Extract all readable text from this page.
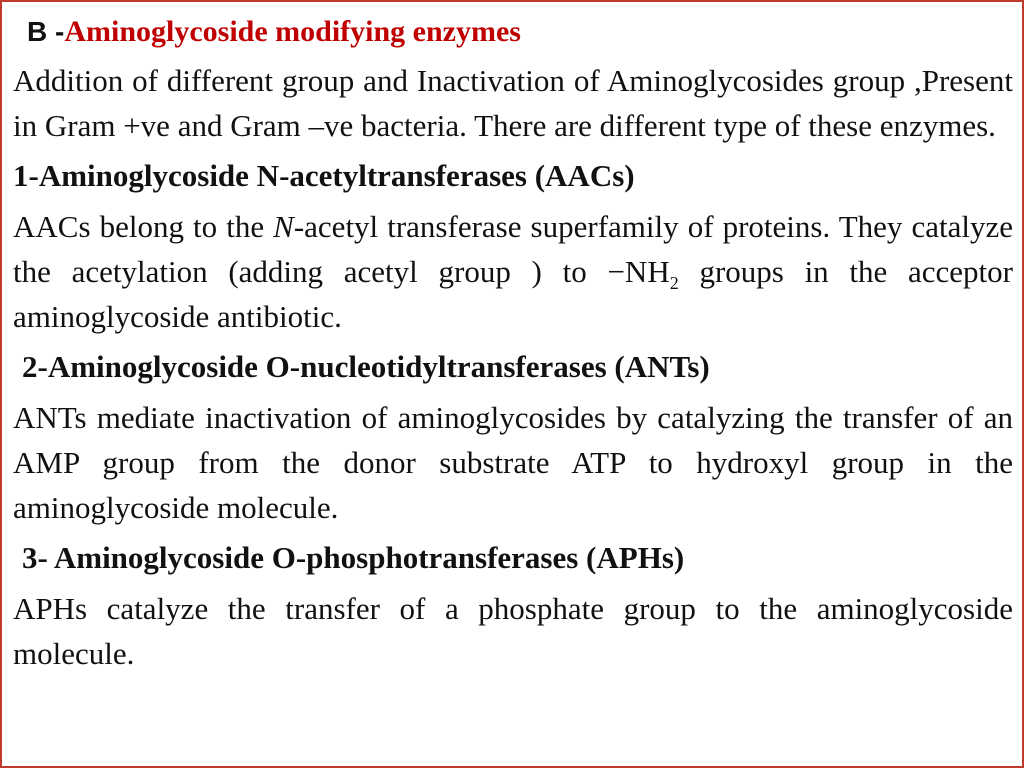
B -Aminoglycoside modifying enzymes

Addition of different group and Inactivation of Aminoglycosides group ,Present in Gram +ve and Gram –ve bacteria. There are different type of these enzymes.

1-Aminoglycoside N-acetyltransferases (AACs)

AACs belong to the N-acetyl transferase superfamily of proteins. They catalyze the acetylation (adding acetyl group ) to $-NH_2$ groups in the acceptor aminoglycoside antibiotic.

2-Aminoglycoside O-nucleotidyltransferases (ANTs)

ANTs mediate inactivation of aminoglycosides by catalyzing the transfer of an AMP group from the donor substrate ATP to hydroxyl group in the aminoglycoside molecule.

3- Aminoglycoside O-phosphotransferases (APHs)

APHs catalyze the transfer of a phosphate group to the aminoglycoside molecule.
